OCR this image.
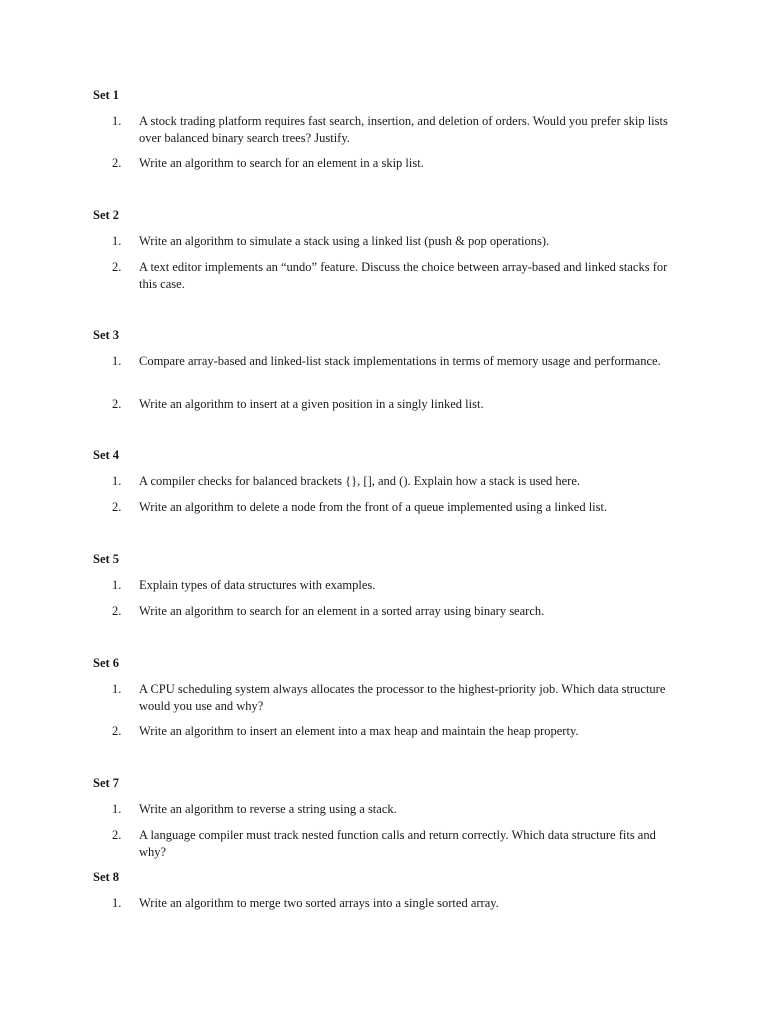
Set 1
1.	A stock trading platform requires fast search, insertion, and deletion of orders. Would you prefer skip lists over balanced binary search trees? Justify.
2.	Write an algorithm to search for an element in a skip list.
Set 2
1.	Write an algorithm to simulate a stack using a linked list (push & pop operations).
2.	A text editor implements an “undo” feature. Discuss the choice between array-based and linked stacks for this case.
Set 3
1.	Compare array-based and linked-list stack implementations in terms of memory usage and performance.
2.	Write an algorithm to insert at a given position in a singly linked list.
Set 4
1.	A compiler checks for balanced brackets {}, [], and (). Explain how a stack is used here.
2.	Write an algorithm to delete a node from the front of a queue implemented using a linked list.
Set 5
1.	Explain types of data structures with examples.
2.	Write an algorithm to search for an element in a sorted array using binary search.
Set 6
1.	A CPU scheduling system always allocates the processor to the highest-priority job. Which data structure would you use and why?
2.	Write an algorithm to insert an element into a max heap and maintain the heap property.
Set 7
1.	Write an algorithm to reverse a string using a stack.
2.	A language compiler must track nested function calls and return correctly. Which data structure fits and why?
Set 8
1.	Write an algorithm to merge two sorted arrays into a single sorted array.
